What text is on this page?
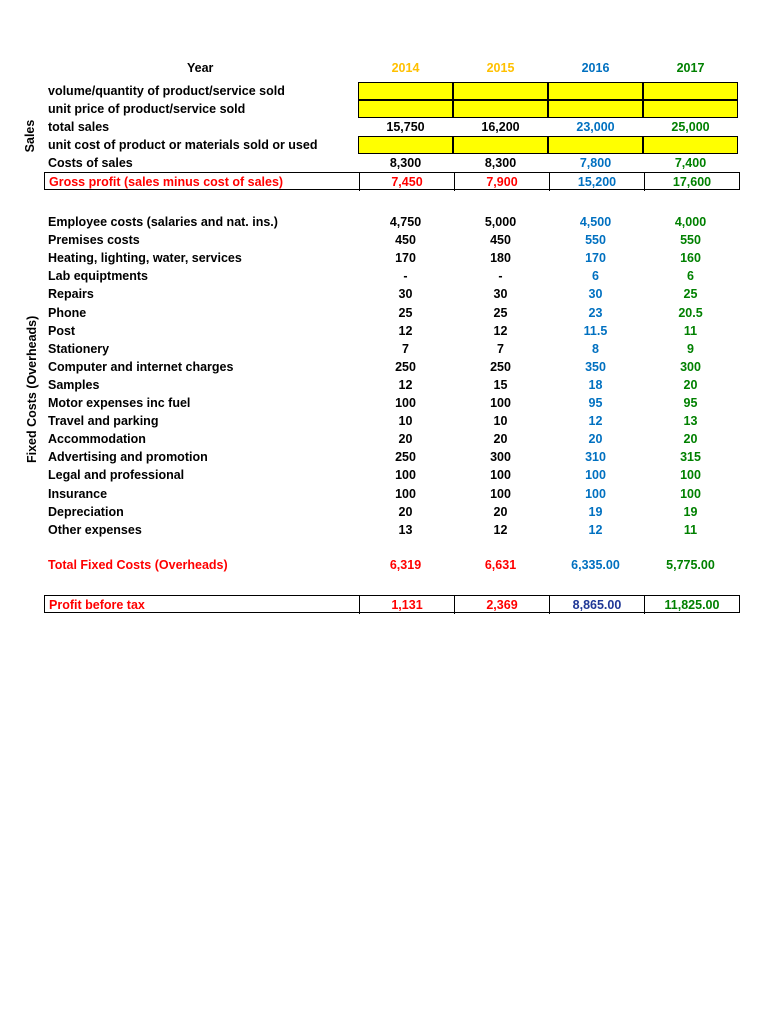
Sales
Fixed Costs (Overheads)
Year	2014	2015	2016	2017
volume/quantity of product/service sold
unit price of product/service sold
total sales	15,750	16,200	23,000	25,000
unit cost of product or materials sold or used
Costs of sales	8,300	8,300	7,800	7,400
Gross profit (sales minus cost of sales)	7,450	7,900	15,200	17,600
Employee costs (salaries and nat. ins.)	4,750	5,000	4,500	4,000
Premises costs	450	450	550	550
Heating, lighting, water, services	170	180	170	160
Lab equiptments	-	-	6	6
Repairs	30	30	30	25
Phone	25	25	23	20.5
Post	12	12	11.5	11
Stationery	7	7	8	9
Computer and internet charges	250	250	350	300
Samples	12	15	18	20
Motor expenses inc fuel	100	100	95	95
Travel and parking	10	10	12	13
Accommodation	20	20	20	20
Advertising and promotion	250	300	310	315
Legal and professional	100	100	100	100
Insurance	100	100	100	100
Depreciation	20	20	19	19
Other expenses	13	12	12	11
Total Fixed Costs (Overheads)	6,319	6,631	6,335.00	5,775.00
Profit before tax	1,131	2,369	8,865.00	11,825.00
